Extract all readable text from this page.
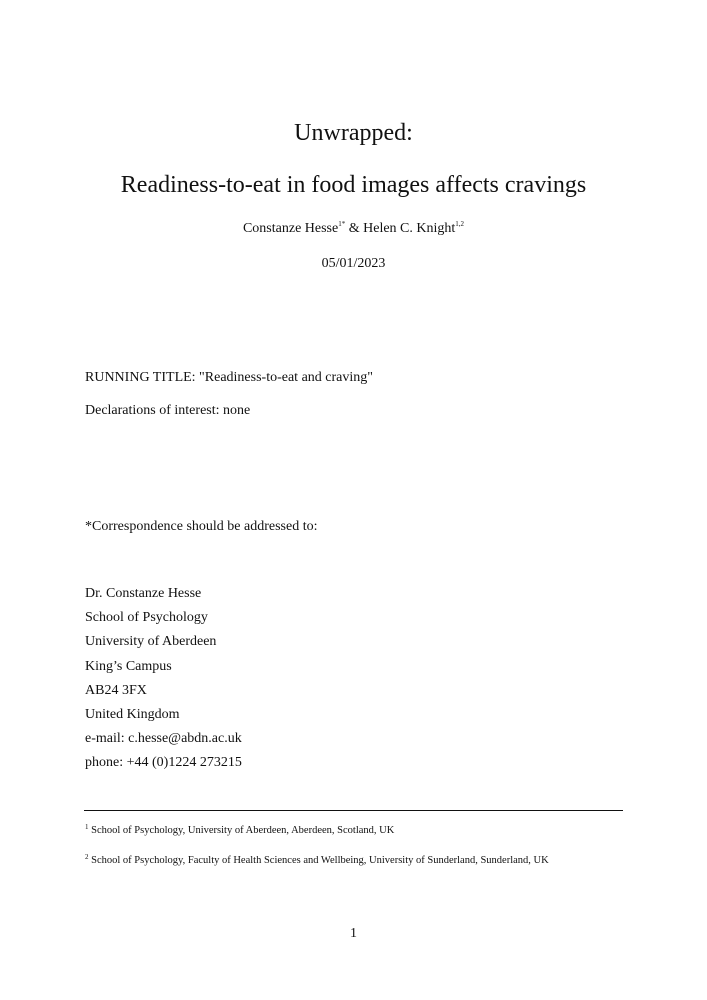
Unwrapped:
Readiness-to-eat in food images affects cravings
Constanze Hesse$^{1*}$ & Helen C. Knight$^{1,2}$
05/01/2023
RUNNING TITLE: "Readiness-to-eat and craving"
Declarations of interest: none
*Correspondence should be addressed to:
Dr. Constanze Hesse
School of Psychology
University of Aberdeen
King’s Campus
AB24 3FX
United Kingdom
e-mail: c.hesse@abdn.ac.uk
phone: +44 (0)1224 273215
$^1$ School of Psychology, University of Aberdeen, Aberdeen, Scotland, UK
$^2$ School of Psychology, Faculty of Health Sciences and Wellbeing, University of Sunderland, Sunderland, UK
1
